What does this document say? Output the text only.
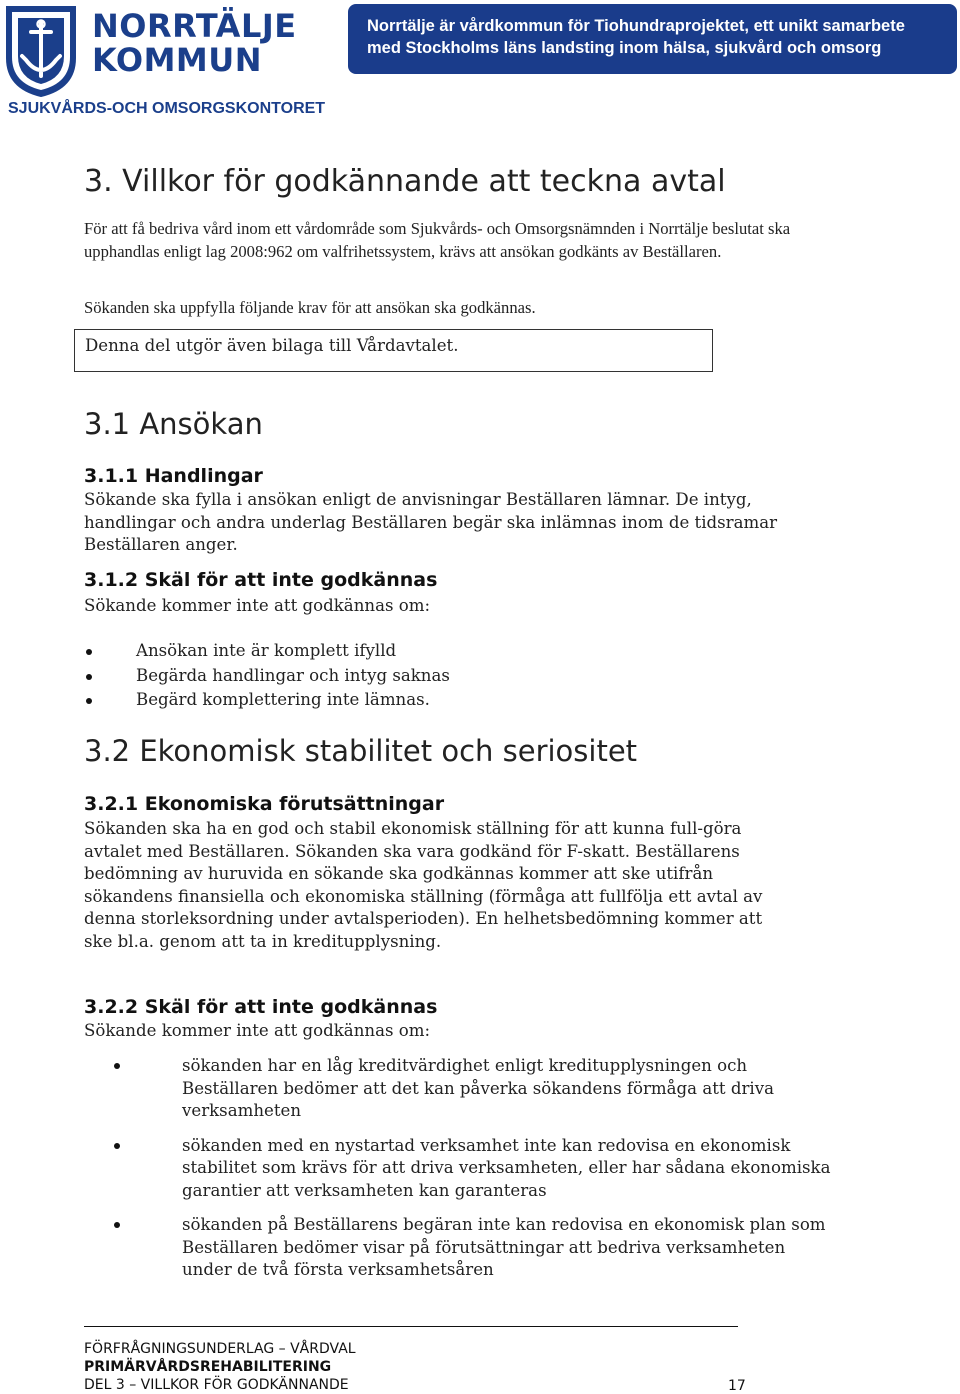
NORRTÄLJE
KOMMUN
Norrtälje är vårdkommun för Tiohundraprojektet, ett unikt samarbete
med Stockholms läns landsting inom hälsa, sjukvård och omsorg
SJUKVÅRDS-OCH OMSORGSKONTORET
3. Villkor för godkännande att teckna avtal
För att få bedriva vård inom ett vårdområde som Sjukvårds- och Omsorgsnämnden i Norrtälje beslutat ska upphandlas enligt lag 2008:962 om valfrihetssystem, krävs att ansökan godkänts av Beställaren.
Sökanden ska uppfylla följande krav för att ansökan ska godkännas.
Denna del utgör även bilaga till Vårdavtalet.
3.1 Ansökan
3.1.1 Handlingar
Sökande ska fylla i ansökan enligt de anvisningar Beställaren lämnar. De intyg, handlingar och andra underlag Beställaren begär ska inlämnas inom de tidsramar Beställaren anger.
3.1.2 Skäl för att inte godkännas
Sökande kommer inte att godkännas om:
Ansökan inte är komplett ifylld
Begärda handlingar och intyg saknas
Begärd komplettering inte lämnas.
3.2 Ekonomisk stabilitet och seriositet
3.2.1 Ekonomiska förutsättningar
Sökanden ska ha en god och stabil ekonomisk ställning för att kunna full-göra avtalet med Beställaren. Sökanden ska vara godkänd för F-skatt. Beställarens bedömning av huruvida en sökande ska godkännas kommer att ske utifrån sökandens finansiella och ekonomiska ställning (förmåga att fullfölja ett avtal av denna storleksordning under avtalsperioden). En helhetsbedömning kommer att ske bl.a. genom att ta in kreditupplysning.
3.2.2 Skäl för att inte godkännas
Sökande kommer inte att godkännas om:
sökanden har en låg kreditvärdighet enligt kreditupplysningen och Beställaren bedömer att det kan påverka sökandens förmåga att driva verksamheten
sökanden med en nystartad verksamhet inte kan redovisa en ekonomisk stabilitet som krävs för att driva verksamheten, eller har sådana ekonomiska garantier att verksamheten kan garanteras
sökanden på Beställarens begäran inte kan redovisa en ekonomisk plan som Beställaren bedömer visar på förutsättningar att bedriva verksamheten under de två första verksamhetsåren
FÖRFRÅGNINGSUNDERLAG – VÅRDVAL
PRIMÄRVÅRDSREHABILITERING
DEL 3 – VILLKOR FÖR GODKÄNNANDE	17
